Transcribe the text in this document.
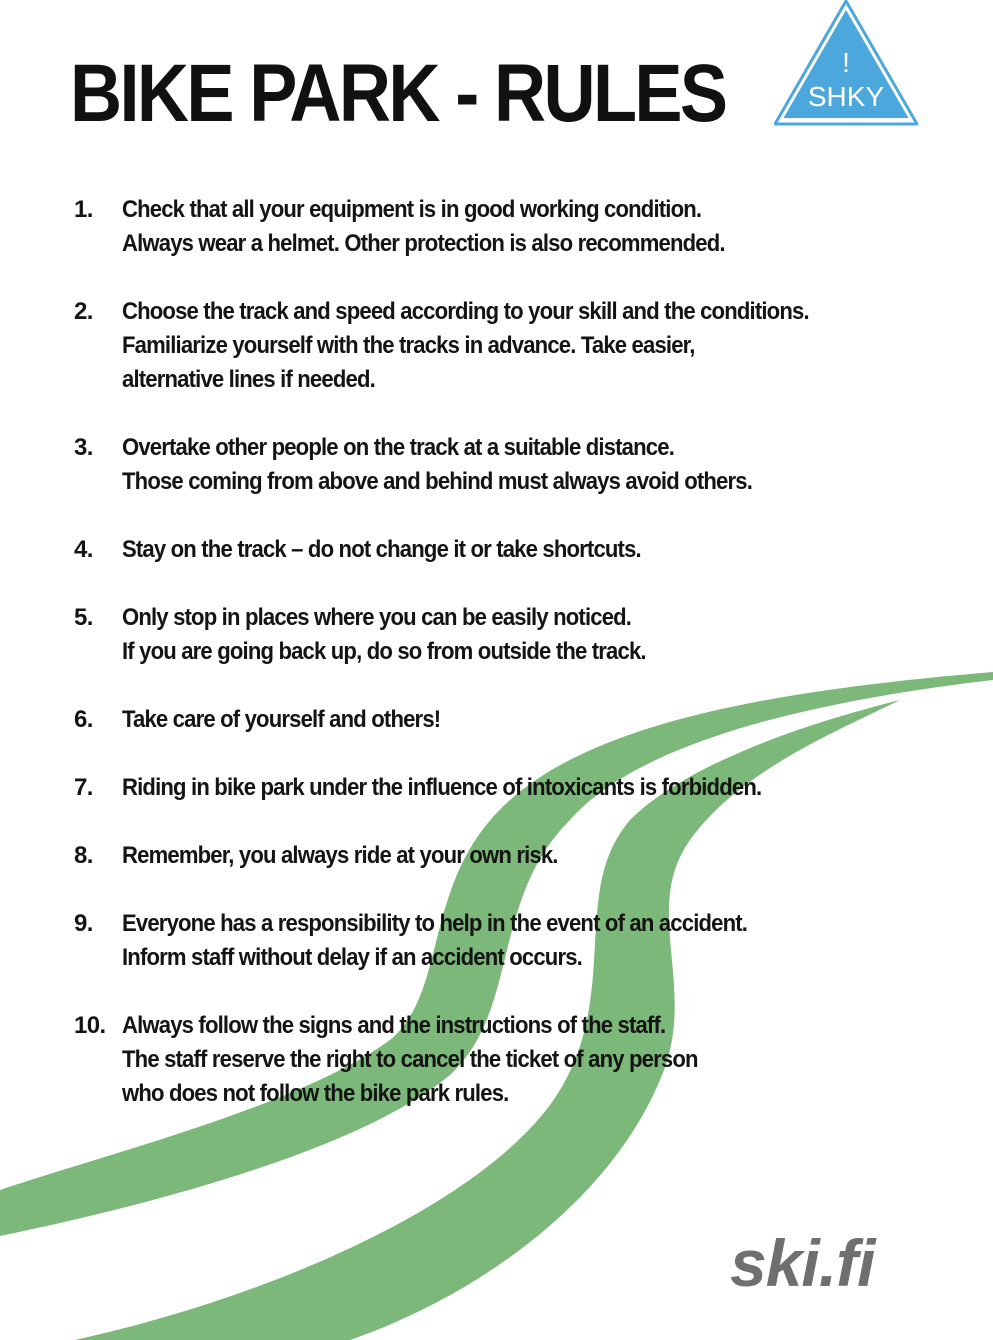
BIKE PARK - RULES	!
SHKY
1.	Check that all your equipment is in good working condition.
Always wear a helmet. Other protection is also recommended.
2.	Choose the track and speed according to your skill and the conditions.
Familiarize yourself with the tracks in advance. Take easier,
alternative lines if needed.
3.	Overtake other people on the track at a suitable distance.
Those coming from above and behind must always avoid others.
4.	Stay on the track – do not change it or take shortcuts.
5.	Only stop in places where you can be easily noticed.
If you are going back up, do so from outside the track.
6.	Take care of yourself and others!
7.	Riding in bike park under the influence of intoxicants is forbidden.
8.	Remember, you always ride at your own risk.
9.	Everyone has a responsibility to help in the event of an accident.
Inform staff without delay if an accident occurs.
10. Always follow the signs and the instructions of the staff.
The staff reserve the right to cancel the ticket of any person
who does not follow the bike park rules.
ski.fi
